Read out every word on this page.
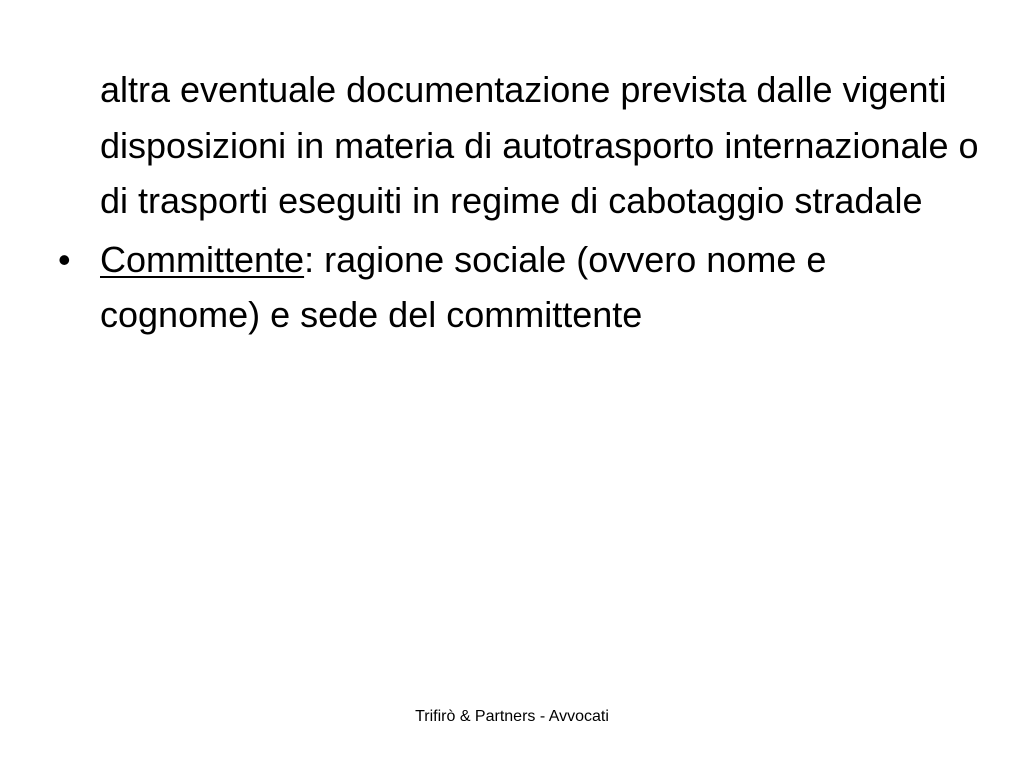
altra eventuale documentazione prevista dalle vigenti disposizioni in materia di autotrasporto internazionale o di trasporti eseguiti in regime di cabotaggio stradale

• Committente: ragione sociale (ovvero nome e cognome) e sede del committente
Trifirò & Partners - Avvocati
